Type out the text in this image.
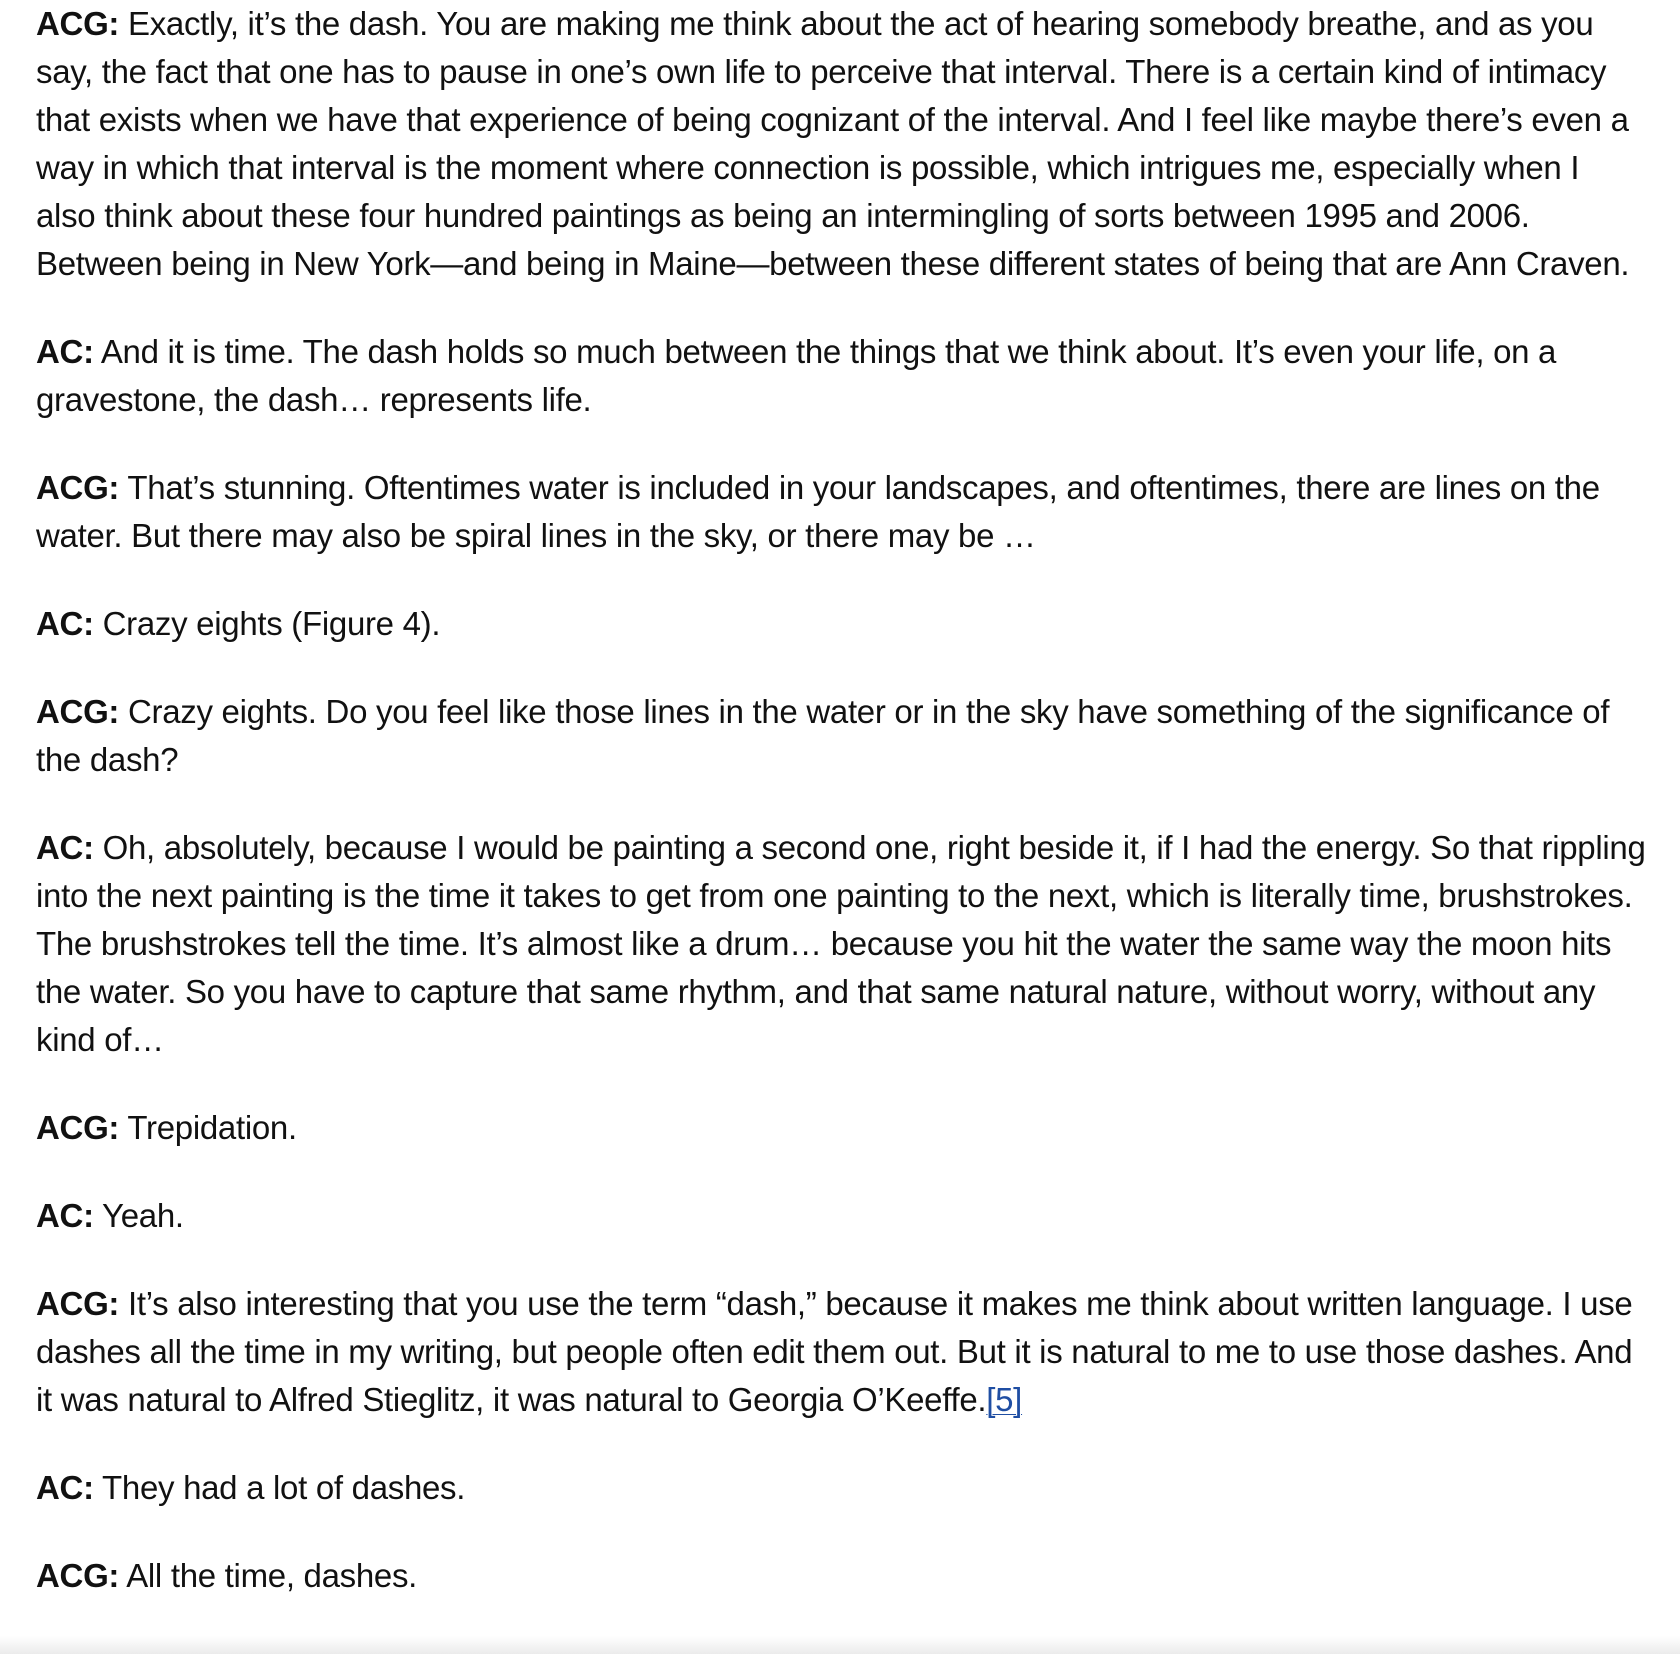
ACG: Exactly, it’s the dash. You are making me think about the act of hearing somebody breathe, and as you say, the fact that one has to pause in one’s own life to perceive that interval. There is a certain kind of intimacy that exists when we have that experience of being cognizant of the interval. And I feel like maybe there’s even a way in which that interval is the moment where connection is possible, which intrigues me, especially when I also think about these four hundred paintings as being an intermingling of sorts between 1995 and 2006. Between being in New York—and being in Maine—between these different states of being that are Ann Craven.

AC: And it is time. The dash holds so much between the things that we think about. It’s even your life, on a gravestone, the dash… represents life.

ACG: That’s stunning. Oftentimes water is included in your landscapes, and oftentimes, there are lines on the water. But there may also be spiral lines in the sky, or there may be …

AC: Crazy eights (Figure 4).

ACG: Crazy eights. Do you feel like those lines in the water or in the sky have something of the significance of the dash?

AC: Oh, absolutely, because I would be painting a second one, right beside it, if I had the energy. So that rippling into the next painting is the time it takes to get from one painting to the next, which is literally time, brushstrokes. The brushstrokes tell the time. It’s almost like a drum… because you hit the water the same way the moon hits the water. So you have to capture that same rhythm, and that same natural nature, without worry, without any kind of…

ACG: Trepidation.

AC: Yeah.

ACG: It’s also interesting that you use the term “dash,” because it makes me think about written language. I use dashes all the time in my writing, but people often edit them out. But it is natural to me to use those dashes. And it was natural to Alfred Stieglitz, it was natural to Georgia O’Keeffe.[5]

AC: They had a lot of dashes.

ACG: All the time, dashes.
